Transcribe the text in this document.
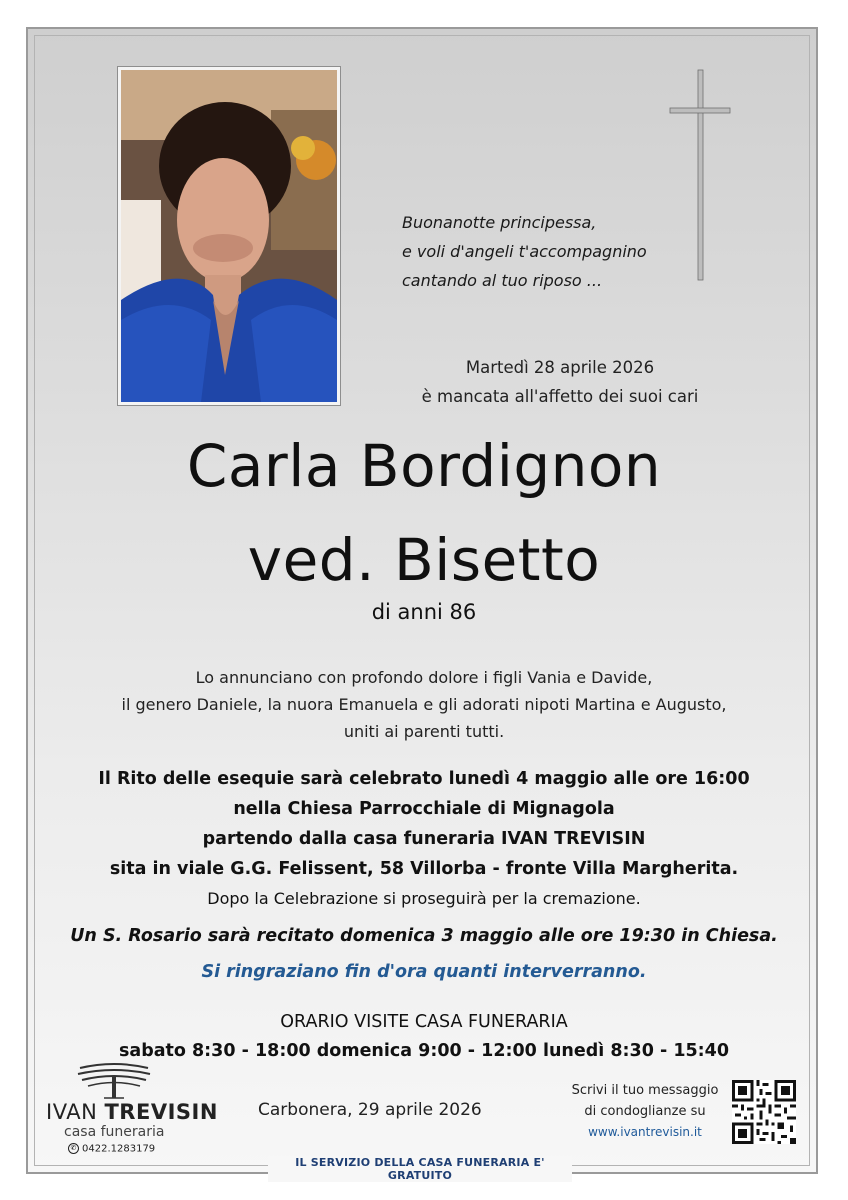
Buonanotte principessa,
e voli d'angeli t'accompagnino
cantando al tuo riposo ...
Martedì 28 aprile 2026
è mancata all'affetto dei suoi cari
Carla Bordignon
ved. Bisetto
di anni 86
Lo annunciano con profondo dolore i figli Vania e Davide,
il genero Daniele, la nuora Emanuela e gli adorati nipoti Martina e Augusto,
uniti ai parenti tutti.
Il Rito delle esequie sarà celebrato lunedì 4 maggio alle ore 16:00
nella Chiesa Parrocchiale di Mignagola
partendo dalla casa funeraria IVAN TREVISIN
sita in viale G.G. Felissent, 58 Villorba - fronte Villa Margherita.
Dopo la Celebrazione si proseguirà per la cremazione.
Un S. Rosario sarà recitato domenica 3 maggio alle ore 19:30 in Chiesa.
Si ringraziano fin d'ora quanti interverranno.
ORARIO VISITE CASA FUNERARIA
sabato 8:30 - 18:00 domenica 9:00 - 12:00 lunedì 8:30 - 15:40
IVAN TREVISIN
casa funeraria
✆ 0422.1283179
Carbonera, 29 aprile 2026
Scrivi il tuo messaggio
di condoglianze su
www.ivantrevisin.it
IL SERVIZIO DELLA CASA FUNERARIA E' GRATUITO
